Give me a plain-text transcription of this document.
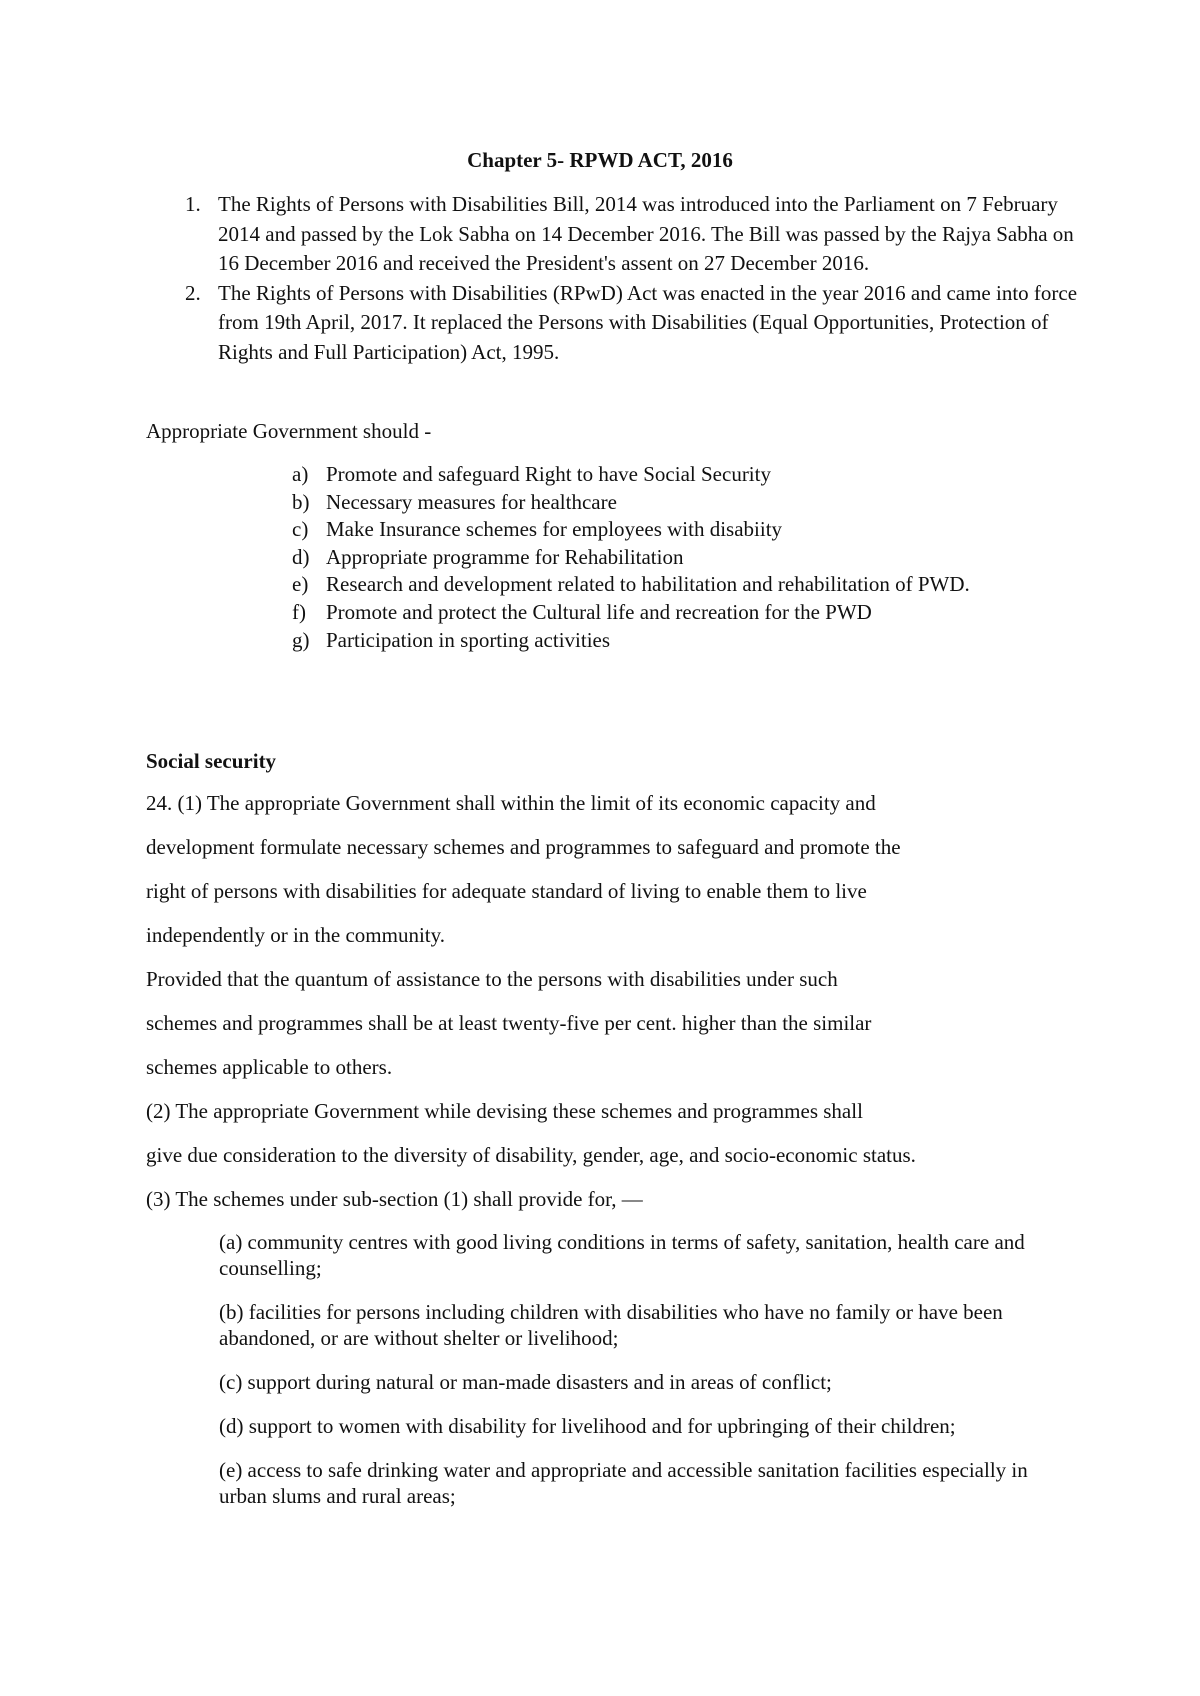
Chapter 5- RPWD ACT, 2016
1. The Rights of Persons with Disabilities Bill, 2014 was introduced into the Parliament on 7 February 2014 and passed by the Lok Sabha on 14 December 2016. The Bill was passed by the Rajya Sabha on 16 December 2016 and received the President's assent on 27 December 2016.
2. The Rights of Persons with Disabilities (RPwD) Act was enacted in the year 2016 and came into force from 19th April, 2017. It replaced the Persons with Disabilities (Equal Opportunities, Protection of Rights and Full Participation) Act, 1995.
Appropriate Government should -
a) Promote and safeguard Right to have Social Security
b) Necessary measures for healthcare
c) Make Insurance schemes for employees with disabiity
d) Appropriate programme for Rehabilitation
e) Research and development related to habilitation and rehabilitation of PWD.
f) Promote and protect the Cultural life and recreation for the PWD
g) Participation in sporting activities
Social security
24. (1) The appropriate Government shall within the limit of its economic capacity and
development formulate necessary schemes and programmes to safeguard and promote the
right of persons with disabilities for adequate standard of living to enable them to live
independently or in the community.
Provided that the quantum of assistance to the persons with disabilities under such
schemes and programmes shall be at least twenty-five per cent. higher than the similar
schemes applicable to others.
(2) The appropriate Government while devising these schemes and programmes shall
give due consideration to the diversity of disability, gender, age, and socio-economic status.
(3) The schemes under sub-section (1) shall provide for, —
(a) community centres with good living conditions in terms of safety, sanitation, health care and counselling;
(b) facilities for persons including children with disabilities who have no family or have been abandoned, or are without shelter or livelihood;
(c) support during natural or man-made disasters and in areas of conflict;
(d) support to women with disability for livelihood and for upbringing of their children;
(e) access to safe drinking water and appropriate and accessible sanitation facilities especially in urban slums and rural areas;
